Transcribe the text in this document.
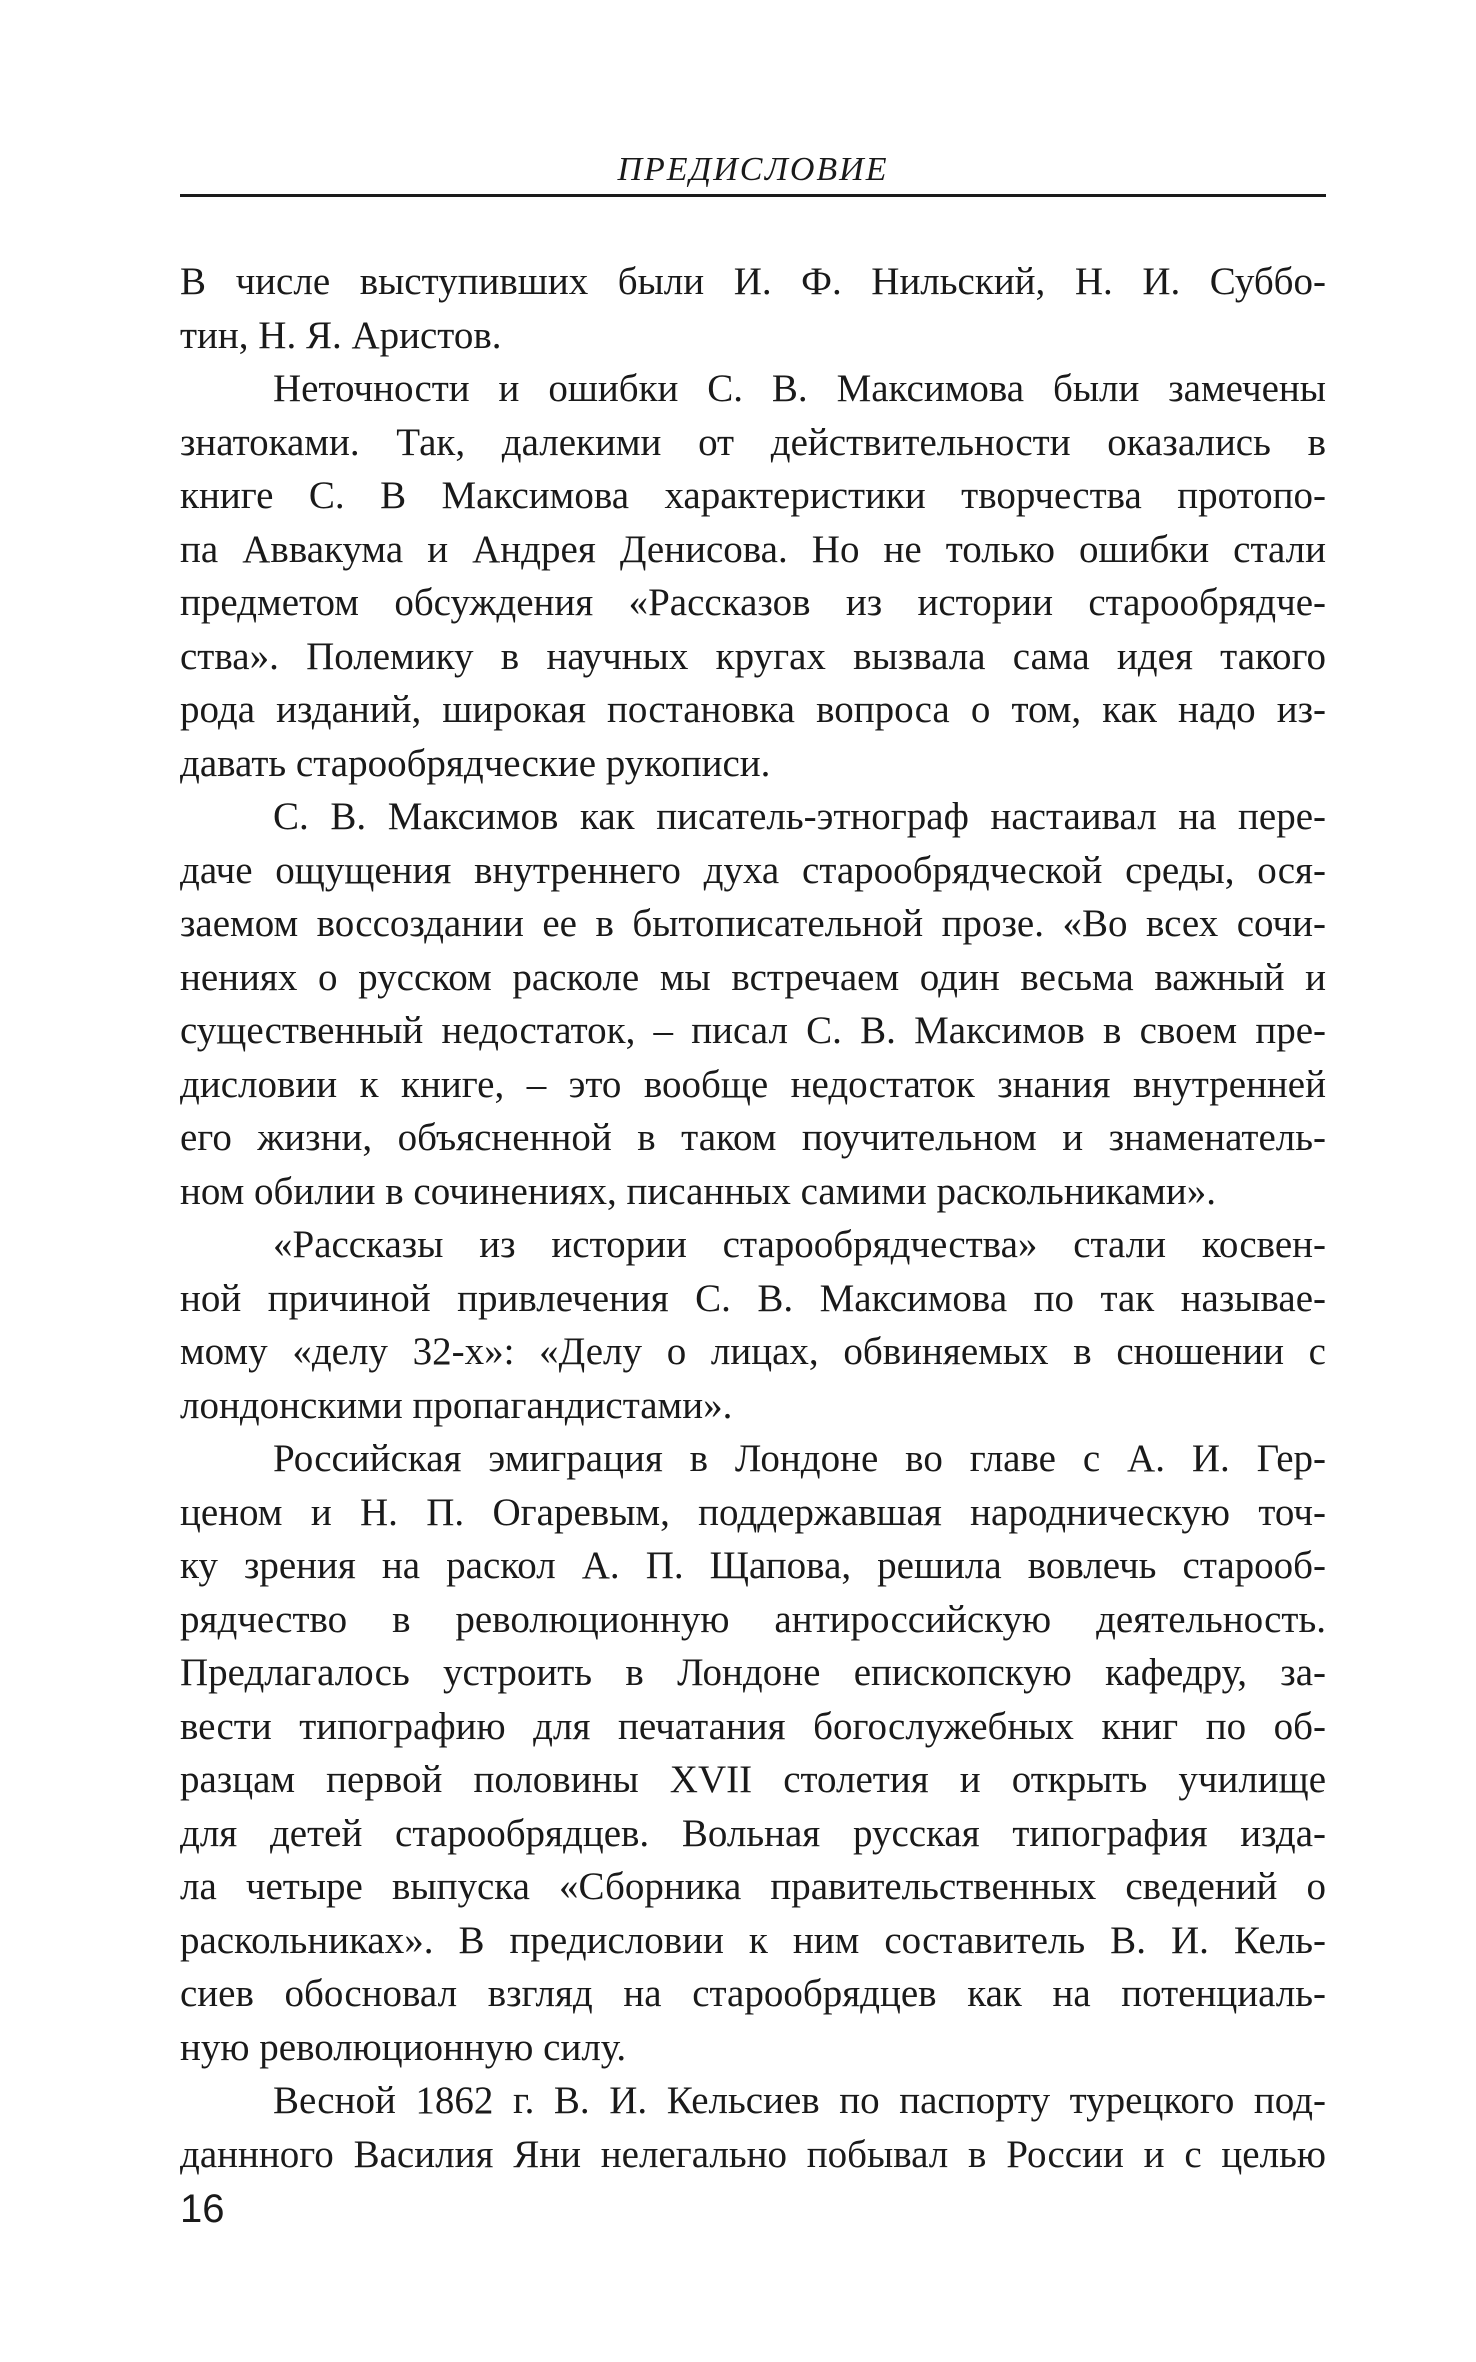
ПРЕДИСЛОВИЕ
В числе выступивших были И. Ф. Нильский, Н. И. Суббо-
тин, Н. Я. Аристов.
Неточности и ошибки С. В. Максимова были замечены
знатоками. Так, далекими от действительности оказались в
книге С. В Максимова характеристики творчества протопо-
па Аввакума и Андрея Денисова. Но не только ошибки стали
предметом обсуждения «Рассказов из истории старообрядче-
ства». Полемику в научных кругах вызвала сама идея такого
рода изданий, широкая постановка вопроса о том, как надо из-
давать старообрядческие рукописи.
С. В. Максимов как писатель-этнограф настаивал на пере-
даче ощущения внутреннего духа старообрядческой среды, ося-
заемом воссоздании ее в бытописательной прозе. «Во всех сочи-
нениях о русском расколе мы встречаем один весьма важный и
существенный недостаток, – писал С. В. Максимов в своем пре-
дисловии к книге, – это вообще недостаток знания внутренней
его жизни, объясненной в таком поучительном и знаменатель-
ном обилии в сочинениях, писанных самими раскольниками».
«Рассказы из истории старообрядчества» стали косвен-
ной причиной привлечения С. В. Максимова по так называе-
мому «делу 32-х»: «Делу о лицах, обвиняемых в сношении с
лондонскими пропагандистами».
Российская эмиграция в Лондоне во главе с А. И. Гер-
ценом и Н. П. Огаревым, поддержавшая народническую точ-
ку зрения на раскол А. П. Щапова, решила вовлечь старооб-
рядчество в революционную антироссийскую деятельность.
Предлагалось устроить в Лондоне епископскую кафедру, за-
вести типографию для печатания богослужебных книг по об-
разцам первой половины XVII столетия и открыть училище
для детей старообрядцев. Вольная русская типография изда-
ла четыре выпуска «Сборника правительственных сведений о
раскольниках». В предисловии к ним составитель В. И. Кель-
сиев обосновал взгляд на старообрядцев как на потенциаль-
ную революционную силу.
Весной 1862 г. В. И. Кельсиев по паспорту турецкого под-
даннного Василия Яни нелегально побывал в России и с целью
16
